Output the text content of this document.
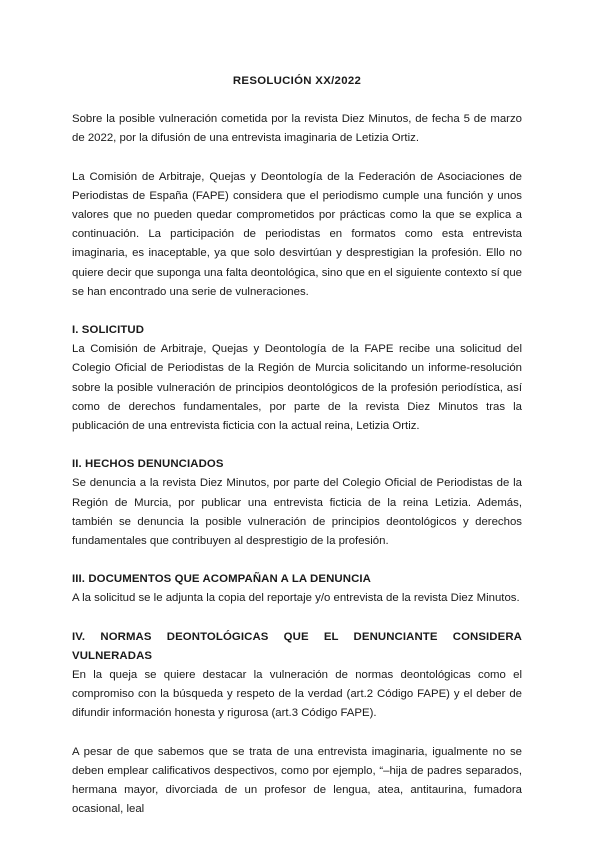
RESOLUCIÓN XX/2022

Sobre la posible vulneración cometida por la revista Diez Minutos, de fecha 5 de marzo de 2022, por la difusión de una entrevista imaginaria de Letizia Ortiz.

La Comisión de Arbitraje, Quejas y Deontología de la Federación de Asociaciones de Periodistas de España (FAPE) considera que el periodismo cumple una función y unos valores que no pueden quedar comprometidos por prácticas como la que se explica a continuación. La participación de periodistas en formatos como esta entrevista imaginaria, es inaceptable, ya que solo desvirtúan y desprestigian la profesión. Ello no quiere decir que suponga una falta deontológica, sino que en el siguiente contexto sí que se han encontrado una serie de vulneraciones.

I. SOLICITUD

La Comisión de Arbitraje, Quejas y Deontología de la FAPE recibe una solicitud del Colegio Oficial de Periodistas de la Región de Murcia solicitando un informe-resolución sobre la posible vulneración de principios deontológicos de la profesión periodística, así como de derechos fundamentales, por parte de la revista Diez Minutos tras la publicación de una entrevista ficticia con la actual reina, Letizia Ortiz.

II. HECHOS DENUNCIADOS

Se denuncia a la revista Diez Minutos, por parte del Colegio Oficial de Periodistas de la Región de Murcia, por publicar una entrevista ficticia de la reina Letizia. Además, también se denuncia la posible vulneración de principios deontológicos y derechos fundamentales que contribuyen al desprestigio de la profesión.

III. DOCUMENTOS QUE ACOMPAÑAN A LA DENUNCIA

A la solicitud se le adjunta la copia del reportaje y/o entrevista de la revista Diez Minutos.

IV. NORMAS DEONTOLÓGICAS QUE EL DENUNCIANTE CONSIDERA VULNERADAS

En la queja se quiere destacar la vulneración de normas deontológicas como el compromiso con la búsqueda y respeto de la verdad (art.2 Código FAPE) y el deber de difundir información honesta y rigurosa (art.3 Código FAPE).

A pesar de que sabemos que se trata de una entrevista imaginaria, igualmente no se deben emplear calificativos despectivos, como por ejemplo, “–hija de padres separados, hermana mayor, divorciada de un profesor de lengua, atea, antitaurina, fumadora ocasional, leal
